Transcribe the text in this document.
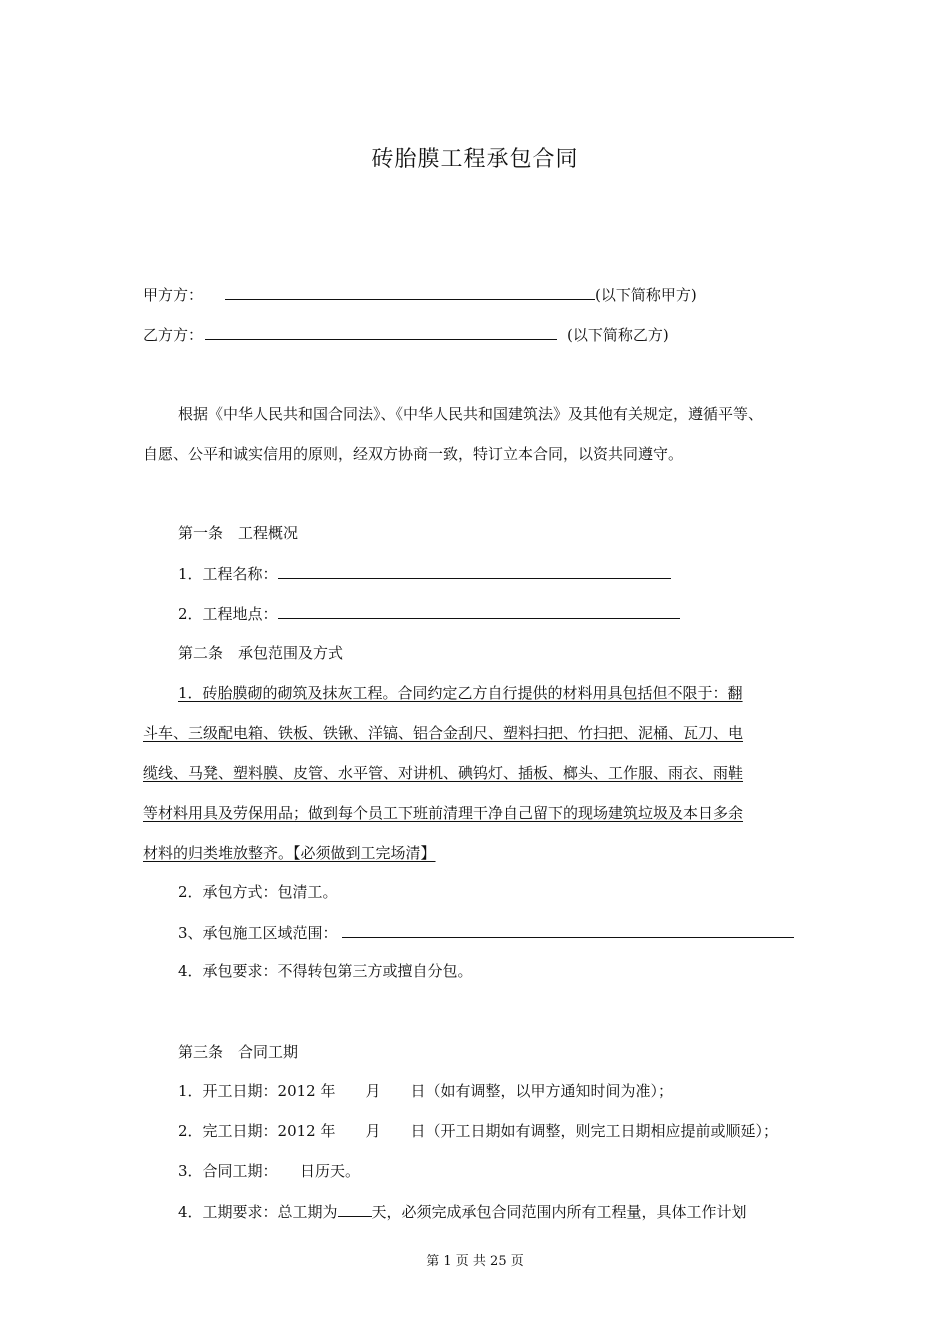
砖胎膜工程承包合同
甲方方：	(以下简称甲方)
乙方方：	(以下简称乙方)
根据《中华人民共和国合同法》、《中华人民共和国建筑法》及其他有关规定，遵循平等、
自愿、公平和诚实信用的原则，经双方协商一致，特订立本合同，以资共同遵守。
第一条　工程概况
1．工程名称：
2．工程地点：
第二条　承包范围及方式
1．砖胎膜砌的砌筑及抹灰工程。合同约定乙方自行提供的材料用具包括但不限于：翻
斗车、三级配电箱、铁板、铁锹、洋镐、铝合金刮尺、塑料扫把、竹扫把、泥桶、瓦刀、电
缆线、马凳、塑料膜、皮管、水平管、对讲机、碘钨灯、插板、榔头、工作服、雨衣、雨鞋
等材料用具及劳保用品；做到每个员工下班前清理干净自己留下的现场建筑垃圾及本日多余
材料的归类堆放整齐。【必须做到工完场清】
2．承包方式：包清工。
3、承包施工区域范围：
4．承包要求：不得转包第三方或擅自分包。
第三条　合同工期
1．开工日期：2012 年　　月　　日（如有调整，以甲方通知时间为准）；
2．完工日期：2012 年　　月　　日（开工日期如有调整，则完工日期相应提前或顺延）；
3．合同工期：　　日历天。
4．工期要求：总工期为 天，必须完成承包合同范围内所有工程量，具体工作计划
第 1 页 共 25 页
